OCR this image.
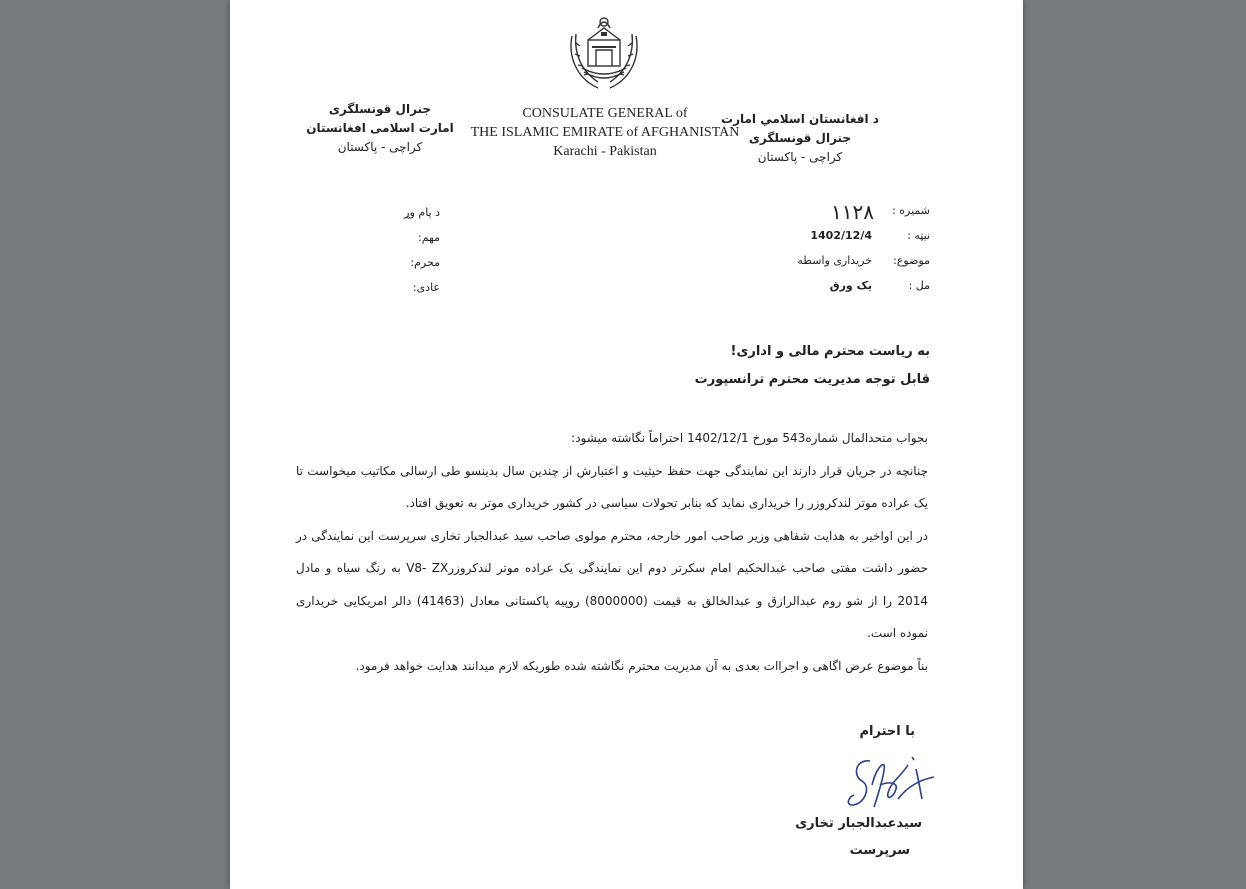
د افغانستان اسلامي امارت
جنرال قونسلگری
کراچی - پاکستان
CONSULATE GENERAL of
THE ISLAMIC EMIRATE of AFGHANISTAN
Karachi - Pakistan
جنرال قونسلگری
امارت اسلامی افغانستان
کراچی - پاکستان
شمیره :
۱۱۲۸
نیټه :
1402/12/4
موضوع:
خریداری واسطه
مل :
یک ورق
د پام وړ
مهم:
محرم:
عادی:
به ریاست محترم مالی و اداری!
قابل توجه مدیریت محترم ترانسپورت

بجواب متحدالمال شماره543 مورخ 1402/12/1 احتراماً نگاشته میشود:

چنانچه در جریان قرار دارند این نمایندگی جهت حفظ حیثیت و اعتبارش از چندین سال بدینسو طی ارسالی مکاتیب میخواست تا یک عراده موتر لندکروزر را خریداری نماید که بنابر تحولات سیاسی در کشور خریداری موتر به تعویق افتاد.

در این اواخیر به هدایت شفاهی وزیر صاحب امور خارجه، محترم مولوی صاحب سید عبدالجبار تخاری سرپرست این نمایندگی در حضور داشت مفتی صاحب عبدالحکیم امام سکرتر دوم این نمایندگی یک عراده موتر لندکروزرV8- ZX به رنگ سیاه و مادل 2014 را از شو روم عبدالرازق و عبدالخالق به قیمت (8000000) روپیه پاکستانی معادل (41463) دالر امریکایی خریداری نموده است.

بناً موضوع عرض اگاهی و اجراات بعدی به آن مدیریت محترم نگاشته شده طوریکه لازم میدانند هدایت خواهد فرمود.

با احترام
سیدعبدالجبار تخاری
سرپرست
